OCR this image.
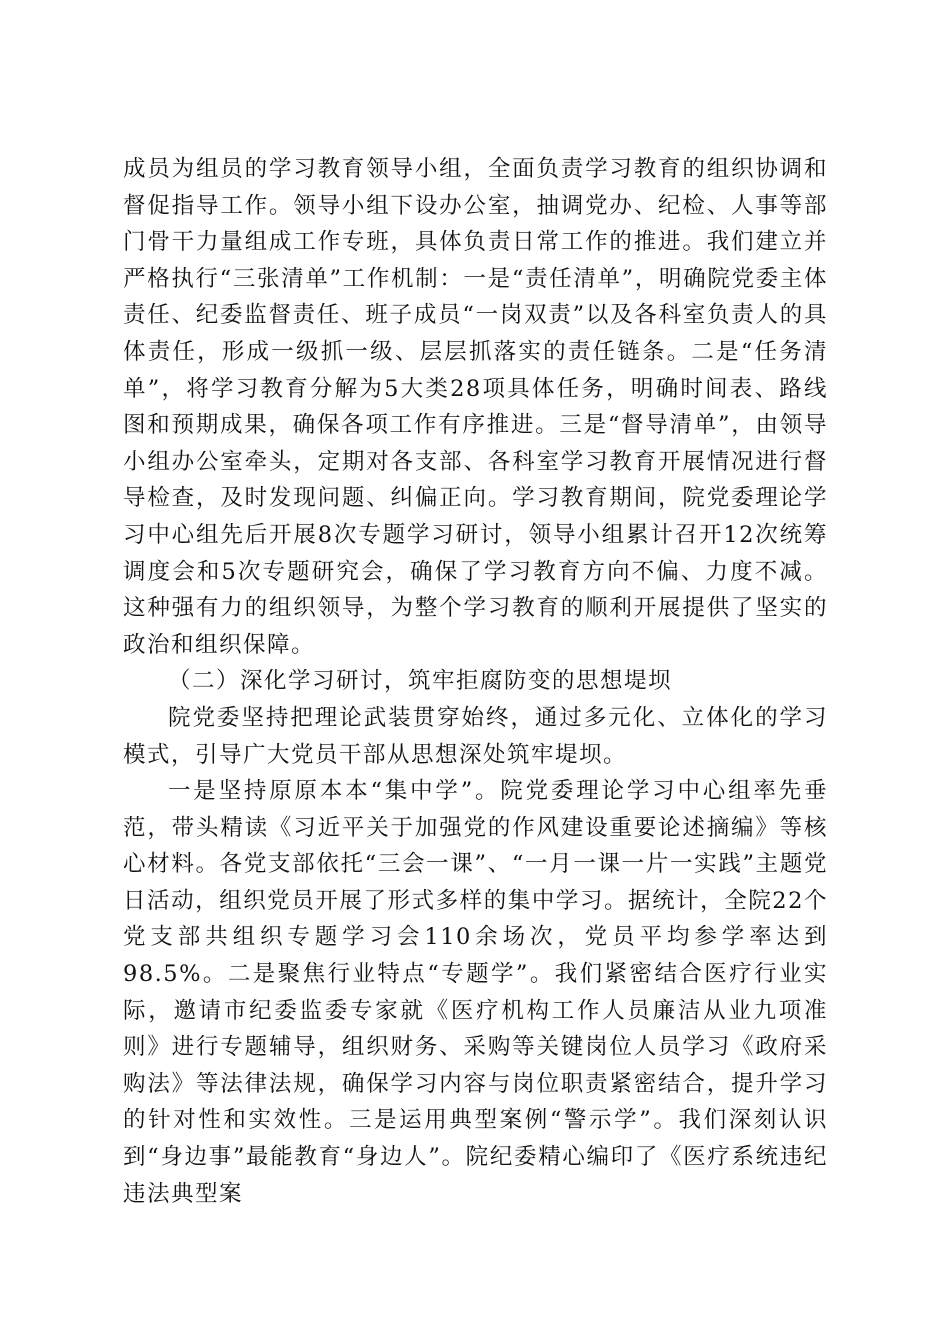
成员为组员的学习教育领导小组，全面负责学习教育的组织协调和督促指导工作。领导小组下设办公室，抽调党办、纪检、人事等部门骨干力量组成工作专班，具体负责日常工作的推进。我们建立并严格执行“三张清单”工作机制：一是“责任清单”，明确院党委主体责任、纪委监督责任、班子成员“一岗双责”以及各科室负责人的具体责任，形成一级抓一级、层层抓落实的责任链条。二是“任务清单”，将学习教育分解为5大类28项具体任务，明确时间表、路线图和预期成果，确保各项工作有序推进。三是“督导清单”，由领导小组办公室牵头，定期对各支部、各科室学习教育开展情况进行督导检查，及时发现问题、纠偏正向。学习教育期间，院党委理论学习中心组先后开展8次专题学习研讨，领导小组累计召开12次统筹调度会和5次专题研究会，确保了学习教育方向不偏、力度不减。这种强有力的组织领导，为整个学习教育的顺利开展提供了坚实的政治和组织保障。

（二）深化学习研讨，筑牢拒腐防变的思想堤坝

院党委坚持把理论武装贯穿始终，通过多元化、立体化的学习模式，引导广大党员干部从思想深处筑牢堤坝。

一是坚持原原本本“集中学”。院党委理论学习中心组率先垂范，带头精读《习近平关于加强党的作风建设重要论述摘编》等核心材料。各党支部依托“三会一课”、“一月一课一片一实践”主题党日活动，组织党员开展了形式多样的集中学习。据统计，全院22个党支部共组织专题学习会110余场次，党员平均参学率达到98.5%。二是聚焦行业特点“专题学”。我们紧密结合医疗行业实际，邀请市纪委监委专家就《医疗机构工作人员廉洁从业九项准则》进行专题辅导，组织财务、采购等关键岗位人员学习《政府采购法》等法律法规，确保学习内容与岗位职责紧密结合，提升学习的针对性和实效性。三是运用典型案例“警示学”。我们深刻认识到“身边事”最能教育“身边人”。院纪委精心编印了《医疗系统违纪违法典型案
